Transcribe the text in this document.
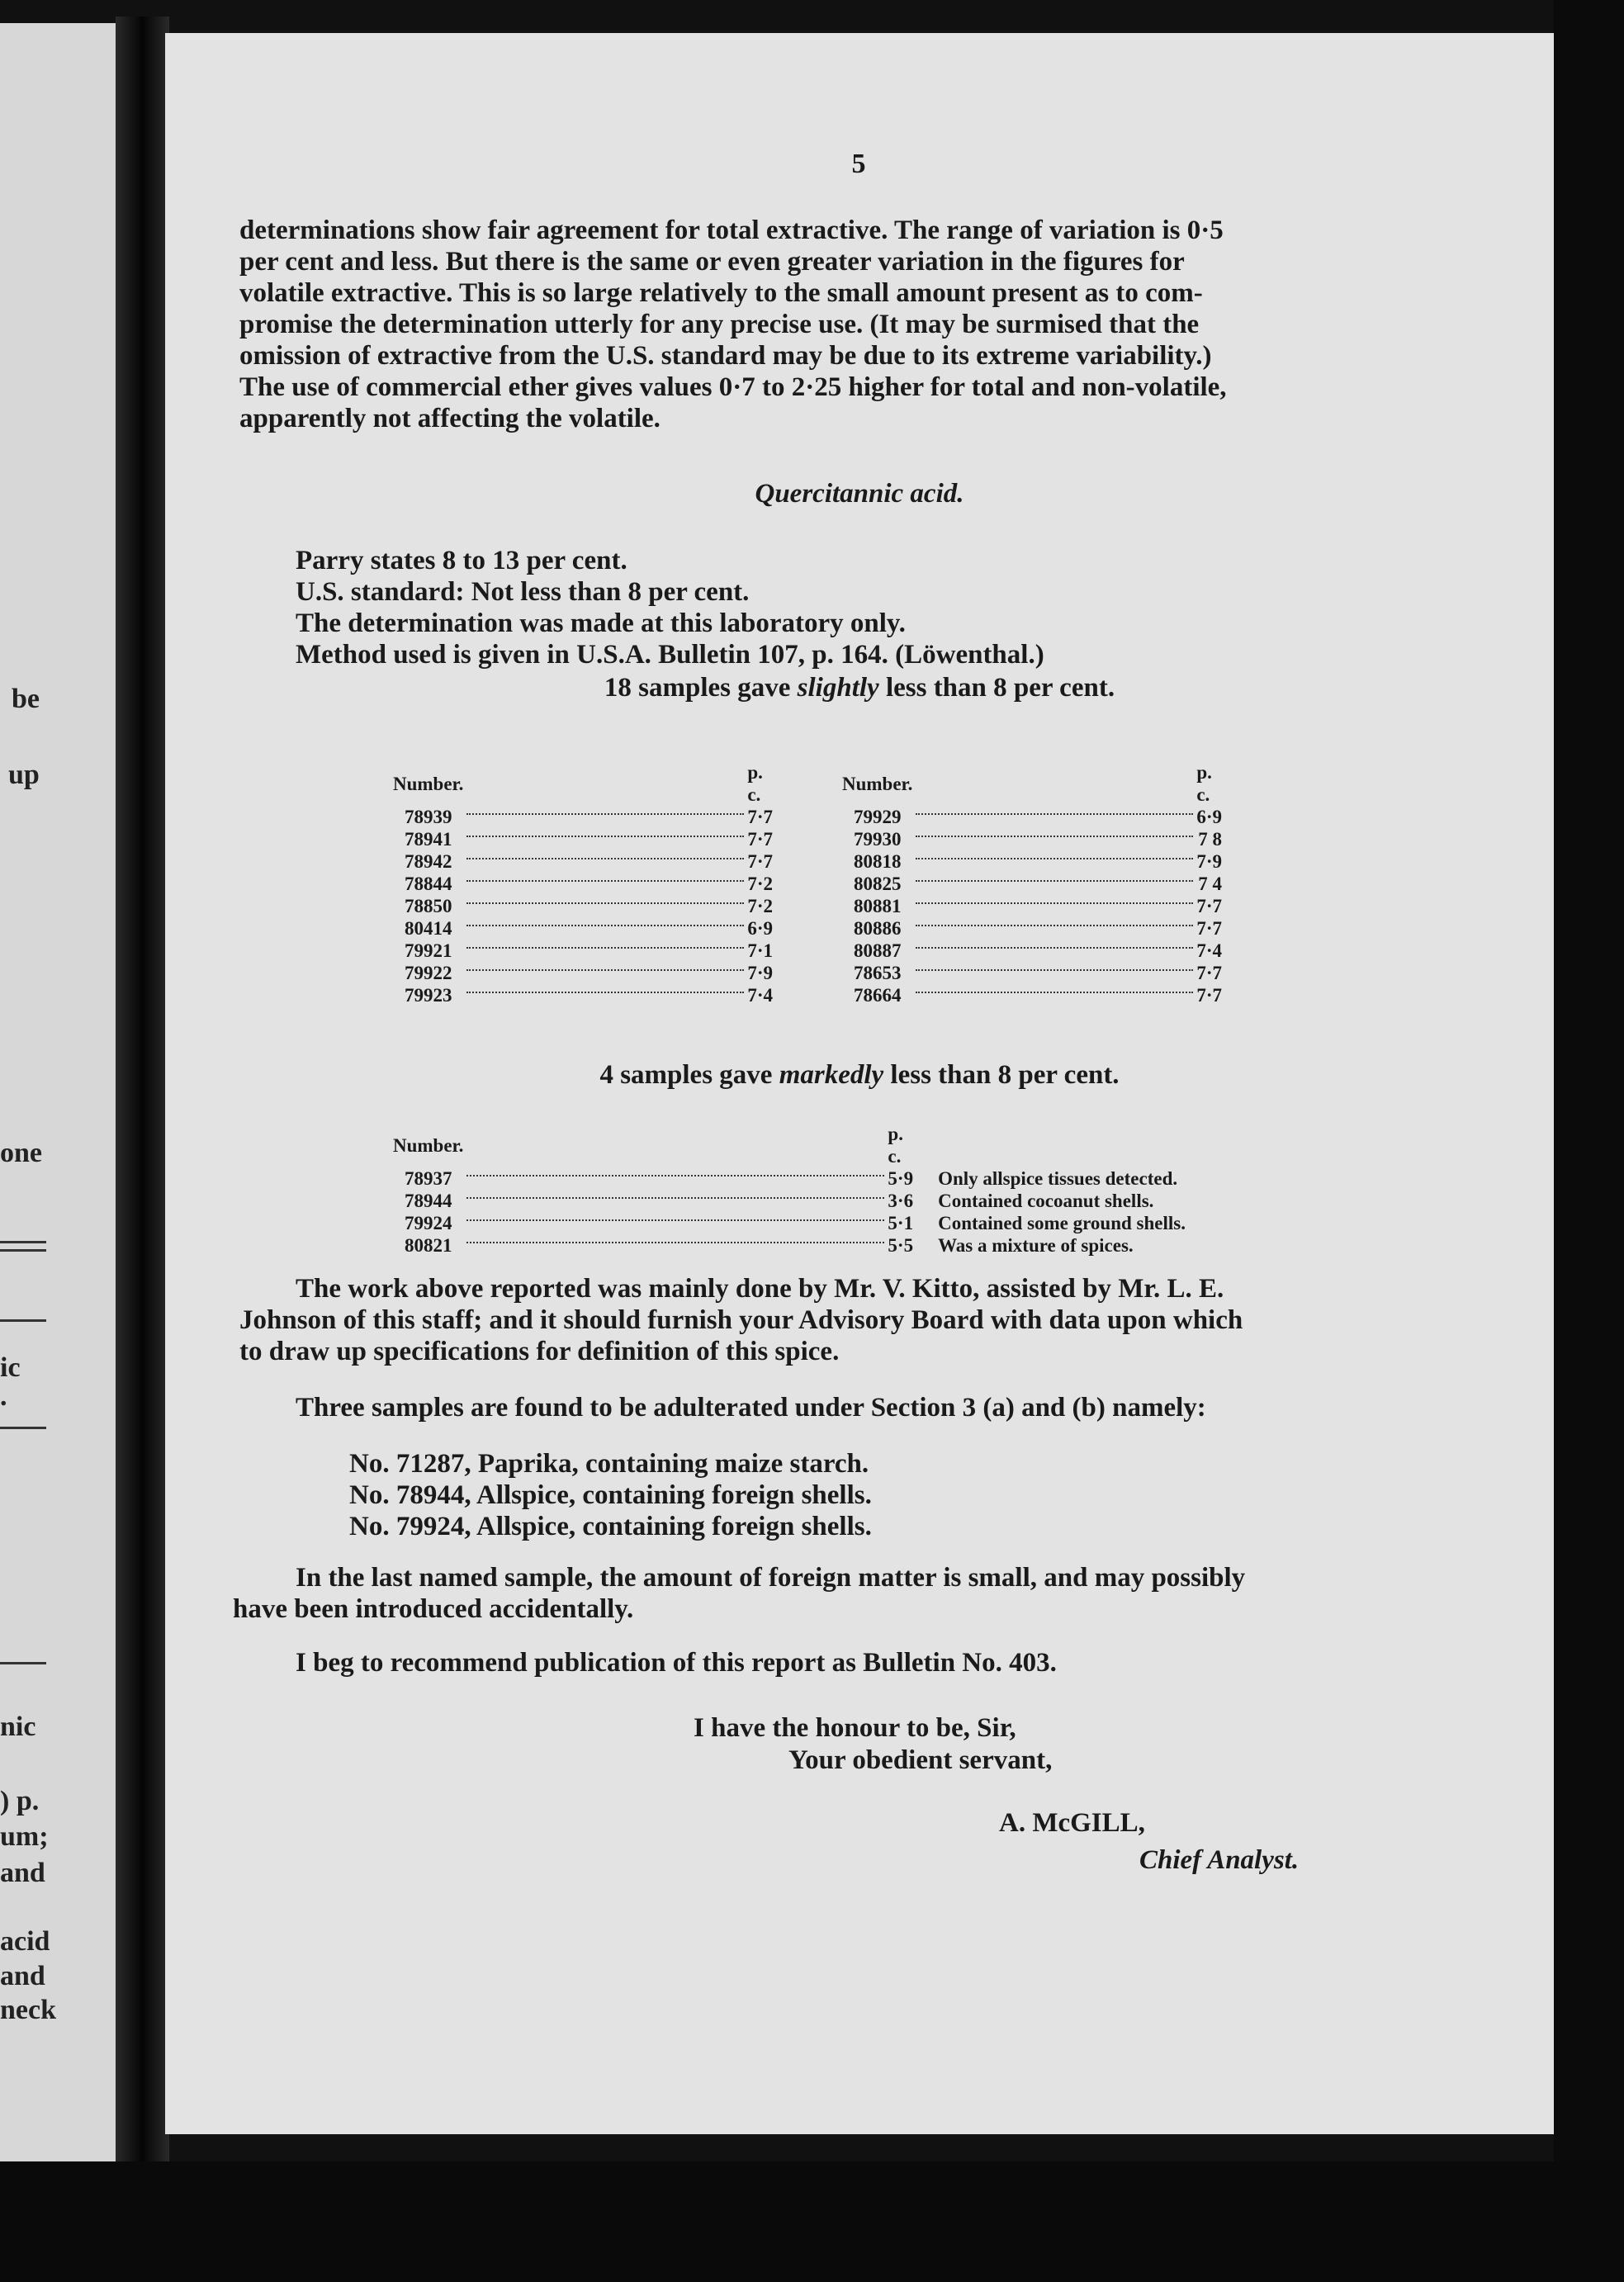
be
up
one
ic
.
nic
) p.
um;
and
acid
and
neck
5
determinations show fair agreement for total extractive. The range of variation is 0·5
per cent and less. But there is the same or even greater variation in the figures for
volatile extractive. This is so large relatively to the small amount present as to com-
promise the determination utterly for any precise use. (It may be surmised that the
omission of extractive from the U.S. standard may be due to its extreme variability.)
The use of commercial ether gives values 0·7 to 2·25 higher for total and non-volatile,
apparently not affecting the volatile.
Quercitannic acid.
Parry states 8 to 13 per cent.
U.S. standard: Not less than 8 per cent.
The determination was made at this laboratory only.
Method used is given in U.S.A. Bulletin 107, p. 164. (Löwenthal.)
18 samples gave slightly less than 8 per cent.
Number.		p. c.
78939		7·7
78941		7·7
78942		7·7
78844		7·2
78850		7·2
80414		6·9
79921		7·1
79922		7·9
79923		7·4
Number.		p. c.
79929		6·9
79930		7 8
80818		7·9
80825		7 4
80881		7·7
80886		7·7
80887		7·4
78653		7·7
78664		7·7
4 samples gave markedly less than 8 per cent.
Number.		p. c.	
78937		5·9	Only allspice tissues detected.
78944		3·6	Contained cocoanut shells.
79924		5·1	Contained some ground shells.
80821		5·5	Was a mixture of spices.
The work above reported was mainly done by Mr. V. Kitto, assisted by Mr. L. E.
Johnson of this staff; and it should furnish your Advisory Board with data upon which
to draw up specifications for definition of this spice.
Three samples are found to be adulterated under Section 3 (a) and (b) namely:
No. 71287, Paprika, containing maize starch.
No. 78944, Allspice, containing foreign shells.
No. 79924, Allspice, containing foreign shells.
In the last named sample, the amount of foreign matter is small, and may possibly
have been introduced accidentally.
I beg to recommend publication of this report as Bulletin No. 403.
I have the honour to be, Sir,
Your obedient servant,
A. McGILL,
Chief Analyst.
